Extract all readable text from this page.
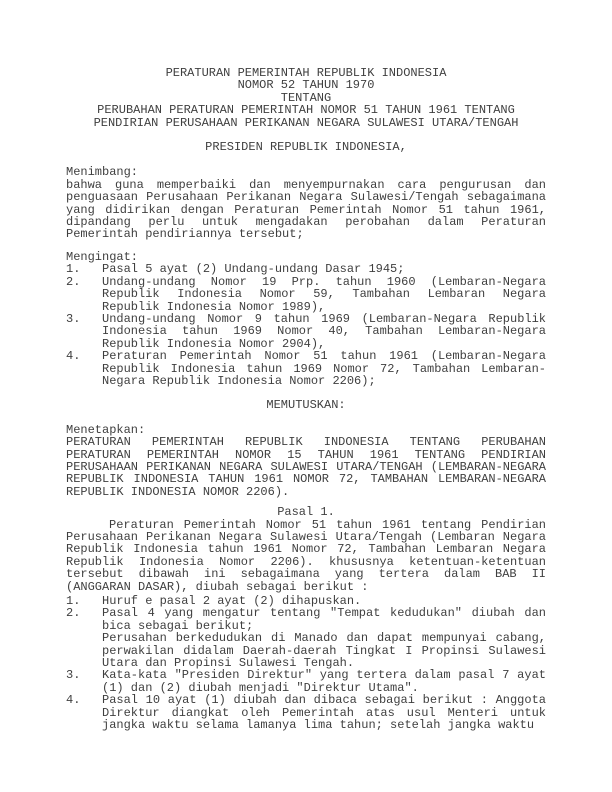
PERATURAN PEMERINTAH REPUBLIK INDONESIA
NOMOR 52 TAHUN 1970
TENTANG
PERUBAHAN PERATURAN PEMERINTAH NOMOR 51 TAHUN 1961 TENTANG
PENDIRIAN PERUSAHAAN PERIKANAN NEGARA SULAWESI UTARA/TENGAH
PRESIDEN REPUBLIK INDONESIA,
Menimbang:
bahwa guna memperbaiki dan menyempurnakan cara pengurusan dan penguasaan Perusahaan Perikanan Negara Sulawesi/Tengah sebagaimana yang didirikan dengan Peraturan Pemerintah Nomor 51 tahun 1961, dipandang perlu untuk mengadakan perobahan dalam Peraturan Pemerintah pendiriannya tersebut;
Mengingat:
1. Pasal 5 ayat (2) Undang-undang Dasar 1945;
2. Undang-undang Nomor 19 Prp. tahun 1960 (Lembaran-Negara Republik Indonesia Nomor 59, Tambahan Lembaran Negara Republik Indonesia Nomor 1989),
3. Undang-undang Nomor 9 tahun 1969 (Lembaran-Negara Republik Indonesia tahun 1969 Nomor 40, Tambahan Lembaran-Negara Republik Indonesia Nomor 2904),
4. Peraturan Pemerintah Nomor 51 tahun 1961 (Lembaran-Negara Republik Indonesia tahun 1969 Nomor 72, Tambahan Lembaran-Negara Republik Indonesia Nomor 2206);
MEMUTUSKAN:
Menetapkan:
PERATURAN PEMERINTAH REPUBLIK INDONESIA TENTANG PERUBAHAN PERATURAN PEMERINTAH NOMOR 15 TAHUN 1961 TENTANG PENDIRIAN PERUSAHAAN PERIKANAN NEGARA SULAWESI UTARA/TENGAH (LEMBARAN-NEGARA REPUBLIK INDONESIA TAHUN 1961 NOMOR 72, TAMBAHAN LEMBARAN-NEGARA REPUBLIK INDONESIA NOMOR 2206).
Pasal 1.
Peraturan Pemerintah Nomor 51 tahun 1961 tentang Pendirian Perusahaan Perikanan Negara Sulawesi Utara/Tengah (Lembaran Negara Republik Indonesia tahun 1961 Nomor 72, Tambahan Lembaran Negara Republik Indonesia Nomor 2206). khususnya ketentuan-ketentuan tersebut dibawah ini sebagaimana yang tertera dalam BAB II (ANGGARAN DASAR), diubah sebagai berikut :
1. Huruf e pasal 2 ayat (2) dihapuskan.
2. Pasal 4 yang mengatur tentang "Tempat kedudukan" diubah dan bica sebagai berikut;
Perusahan berkedudukan di Manado dan dapat mempunyai cabang, perwakilan didalam Daerah-daerah Tingkat I Propinsi Sulawesi Utara dan Propinsi Sulawesi Tengah.
3. Kata-kata "Presiden Direktur" yang tertera dalam pasal 7 ayat (1) dan (2) diubah menjadi "Direktur Utama".
4. Pasal 10 ayat (1) diubah dan dibaca sebagai berikut : Anggota Direktur diangkat oleh Pemerintah atas usul Menteri untuk jangka waktu selama lamanya lima tahun; setelah jangka waktu
